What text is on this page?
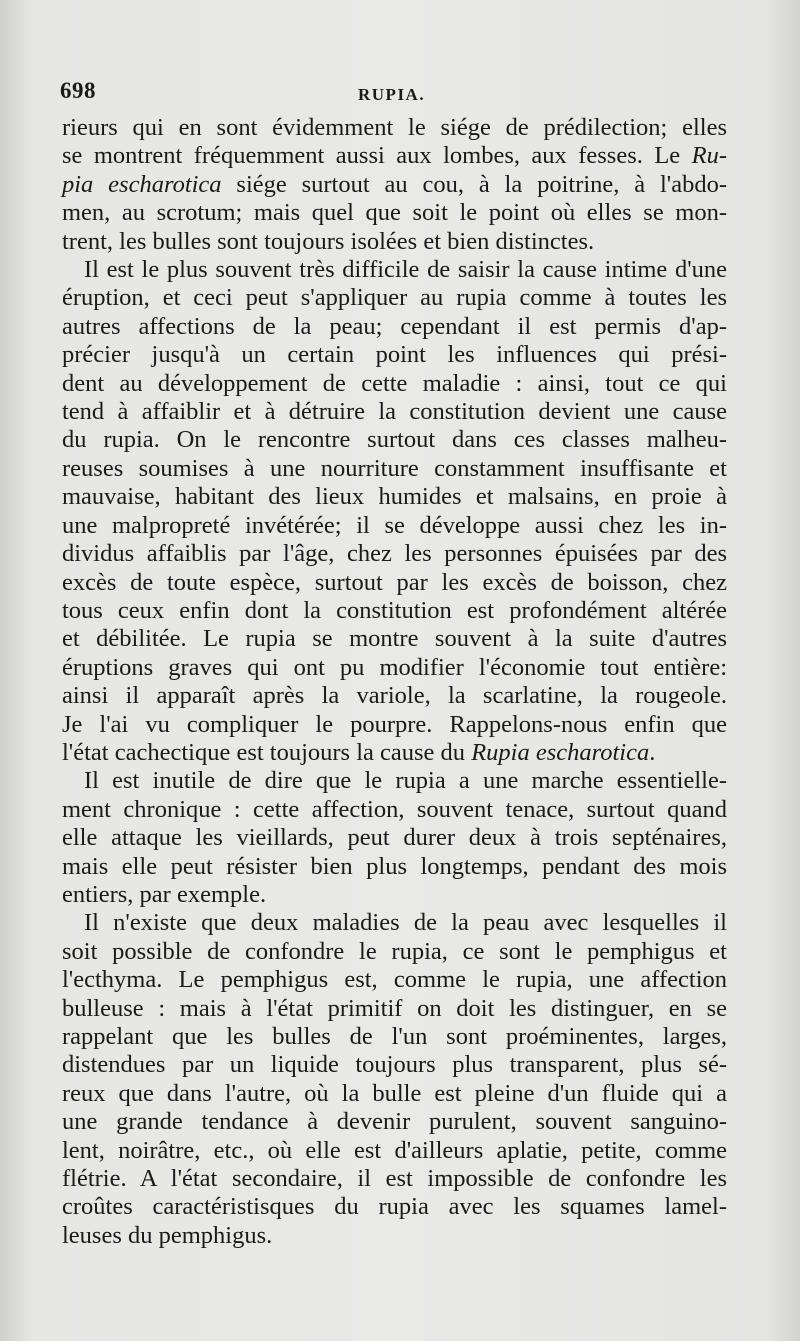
698	RUPIA.

rieurs qui en sont évidemment le siége de prédilection; elles
se montrent fréquemment aussi aux lombes, aux fesses. Le Ru-
pia escharotica siége surtout au cou, à la poitrine, à l'abdo-
men, au scrotum; mais quel que soit le point où elles se mon-
trent, les bulles sont toujours isolées et bien distinctes.

Il est le plus souvent très difficile de saisir la cause intime d'une
éruption, et ceci peut s'appliquer au rupia comme à toutes les
autres affections de la peau; cependant il est permis d'ap-
précier jusqu'à un certain point les influences qui prési-
dent au développement de cette maladie : ainsi, tout ce qui
tend à affaiblir et à détruire la constitution devient une cause
du rupia. On le rencontre surtout dans ces classes malheu-
reuses soumises à une nourriture constamment insuffisante et
mauvaise, habitant des lieux humides et malsains, en proie à
une malpropreté invétérée; il se développe aussi chez les in-
dividus affaiblis par l'âge, chez les personnes épuisées par des
excès de toute espèce, surtout par les excès de boisson, chez
tous ceux enfin dont la constitution est profondément altérée
et débilitée. Le rupia se montre souvent à la suite d'autres
éruptions graves qui ont pu modifier l'économie tout entière:
ainsi il apparaît après la variole, la scarlatine, la rougeole.
Je l'ai vu compliquer le pourpre. Rappelons-nous enfin que
l'état cachectique est toujours la cause du Rupia escharotica.

Il est inutile de dire que le rupia a une marche essentielle-
ment chronique : cette affection, souvent tenace, surtout quand
elle attaque les vieillards, peut durer deux à trois septénaires,
mais elle peut résister bien plus longtemps, pendant des mois
entiers, par exemple.

Il n'existe que deux maladies de la peau avec lesquelles il
soit possible de confondre le rupia, ce sont le pemphigus et
l'ecthyma. Le pemphigus est, comme le rupia, une affection
bulleuse : mais à l'état primitif on doit les distinguer, en se
rappelant que les bulles de l'un sont proéminentes, larges,
distendues par un liquide toujours plus transparent, plus sé-
reux que dans l'autre, où la bulle est pleine d'un fluide qui a
une grande tendance à devenir purulent, souvent sanguino-
lent, noirâtre, etc., où elle est d'ailleurs aplatie, petite, comme
flétrie. A l'état secondaire, il est impossible de confondre les
croûtes caractéristisques du rupia avec les squames lamel-
leuses du pemphigus.
